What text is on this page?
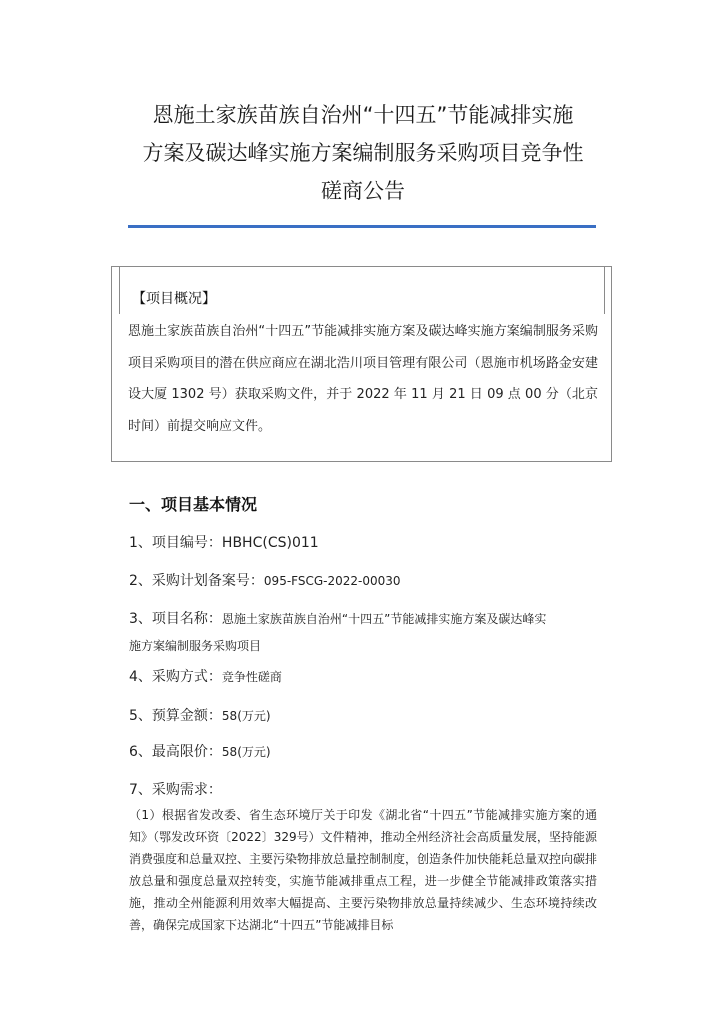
恩施土家族苗族自治州“十四五”节能减排实施
方案及碳达峰实施方案编制服务采购项目竞争性
磋商公告
【项目概况】
恩施土家族苗族自治州“十四五”节能减排实施方案及碳达峰实施方案编制服务采购项目采购项目的潜在供应商应在湖北浩川项目管理有限公司（恩施市机场路金安建设大厦 1302 号）获取采购文件，并于 2022 年 11 月 21 日 09 点 00 分（北京时间）前提交响应文件。
一、项目基本情况
1、项目编号：HBHC(CS)011
2、采购计划备案号：095-FSCG-2022-00030
3、项目名称：恩施土家族苗族自治州“十四五”节能减排实施方案及碳达峰实
施方案编制服务采购项目
4、采购方式：竞争性磋商
5、预算金额：58(万元)
6、最高限价：58(万元)
7、采购需求：
（1）根据省发改委、省生态环境厅关于印发《湖北省“十四五”节能减排实施方案的通知》（鄂发改环资〔2022〕329号）文件精神，推动全州经济社会高质量发展，坚持能源消费强度和总量双控、主要污染物排放总量控制制度，创造条件加快能耗总量双控向碳排放总量和强度总量双控转变，实施节能减排重点工程，进一步健全节能减排政策落实措施，推动全州能源利用效率大幅提高、主要污染物排放总量持续减少、生态环境持续改善，确保完成国家下达湖北“十四五”节能减排目标
